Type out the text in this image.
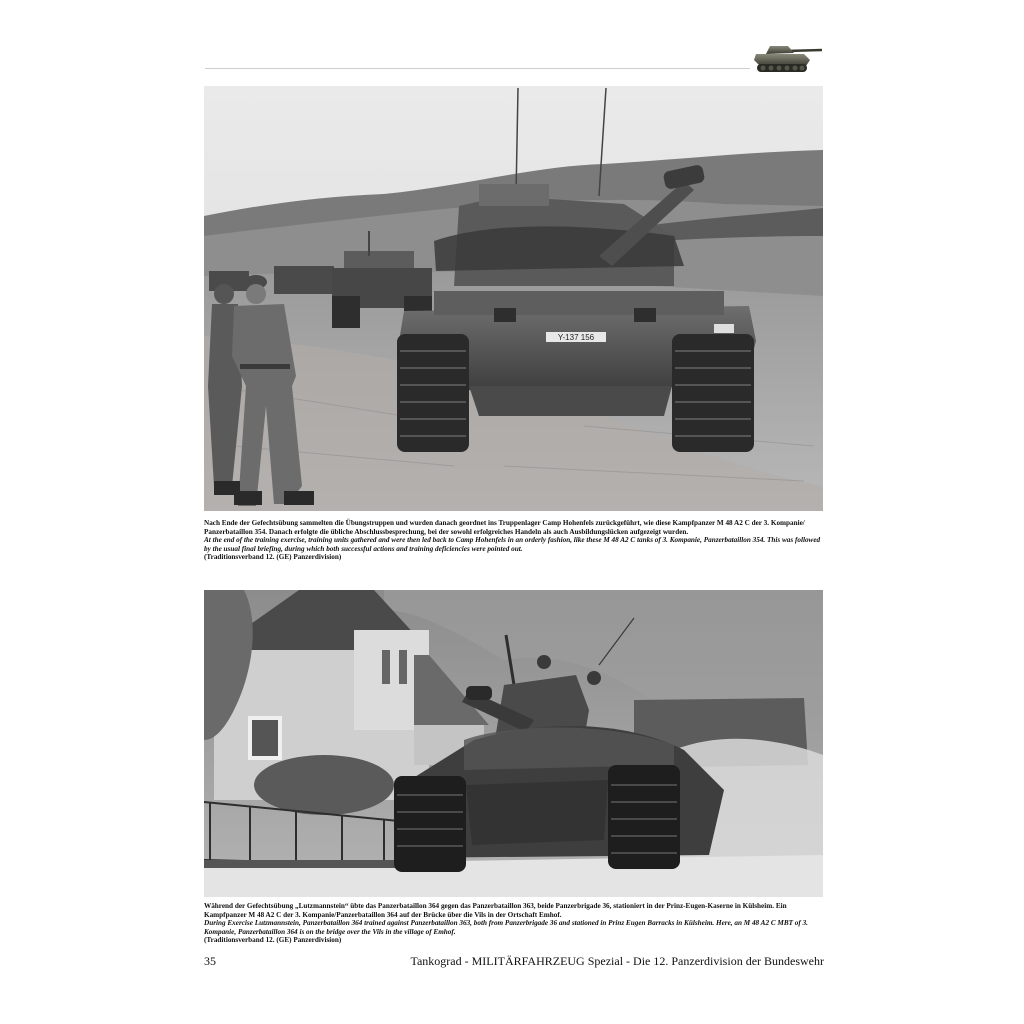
Y-137 156

Nach Ende der Gefechtsübung sammelten die Übungstruppen und wurden danach geordnet ins Truppenlager Camp Hohenfels zurückgeführt, wie diese Kampfpanzer M 48 A2 C der 3. Kompanie/ Panzerbataillon 354. Danach erfolgte die übliche Abschlussbesprechung, bei der sowohl erfolgreiches Handeln als auch Ausbildungslücken aufgezeigt wurden.

At the end of the training exercise, training units gathered and were then led back to Camp Hohenfels in an orderly fashion, like these M 48 A2 C tanks of 3. Kompanie, Panzerbataillon 354. This was followed by the usual final briefing, during which both successful actions and training deficiencies were pointed out.

(Traditionsverband 12. (GE) Panzerdivision)

Während der Gefechtsübung „Lutzmannstein“ übte das Panzerbataillon 364 gegen das Panzerbataillon 363, beide Panzerbrigade 36, stationiert in der Prinz-Eugen-Kaserne in Külsheim. Ein Kampfpanzer M 48 A2 C der 3. Kompanie/Panzerbataillon 364 auf der Brücke über die Vils in der Ortschaft Emhof.

During Exercise Lutzmannstein, Panzerbataillon 364 trained against Panzerbataillon 363, both from Panzerbrigade 36 and stationed in Prinz Eugen Barracks in Külsheim. Here, an M 48 A2 C MBT of 3. Kompanie, Panzerbataillon 364 is on the bridge over the Vils in the village of Emhof.

(Traditionsverband 12. (GE) Panzerdivision)

35	Tankograd - MILITÄRFAHRZEUG Spezial - Die 12. Panzerdivision der Bundeswehr
